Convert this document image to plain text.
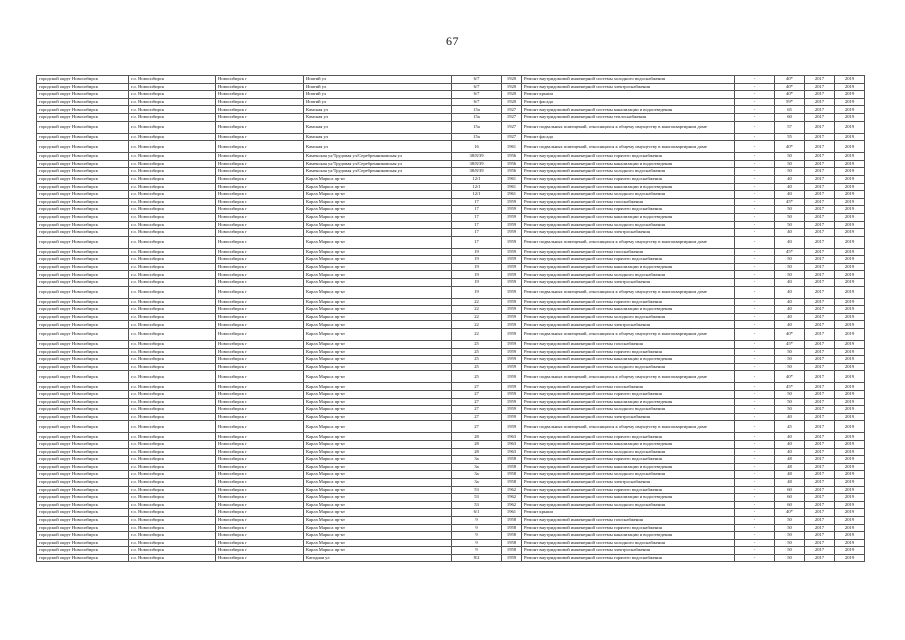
67
городской округ Новосибирск	г.о. Новосибирск	Новосибирск г	Ипатий ул	6/7	1920	Ремонт внутридомовой инженерной системы холодного водоснабжения	-	40*	2017	2019
городской округ Новосибирск	г.о. Новосибирск	Новосибирск г	Ипатий ул	6/7	1920	Ремонт внутридомовой инженерной системы электроснабжения	-	40*	2017	2019
городской округ Новосибирск	г.о. Новосибирск	Новосибирск г	Ипатий ул	6/7	1920	Ремонт крыши	-	40*	2017	2019
городской округ Новосибирск	г.о. Новосибирск	Новосибирск г	Ипатий ул	6/7	1920	Ремонт фасада	-	59*	2017	2019
городской округ Новосибирск	г.о. Новосибирск	Новосибирск г	Камская ул	15а	1927	Ремонт внутридомовой инженерной системы канализации и водоотведения	-	65	2017	2019
городской округ Новосибирск	г.о. Новосибирск	Новосибирск г	Камская ул	15а	1927	Ремонт внутридомовой инженерной системы теплоснабжения	-	60	2017	2019
городской округ Новосибирск	г.о. Новосибирск	Новосибирск г	Камская ул	15а	1927	Ремонт подвальных помещений, относящихся к общему имуществу в многоквартирном доме	-	57	2017	2019
городской округ Новосибирск	г.о. Новосибирск	Новосибирск г	Камская ул	15а	1927	Ремонт фасада	-	55	2017	2019
городской округ Новосибирск	г.о. Новосибирск	Новосибирск г	Камская ул	16	1961	Ремонт подвальных помещений, относящихся к общему имуществу в многоквартирном доме	-	40*	2017	2019
городской округ Новосибирск	г.о. Новосибирск	Новосибирск г	Каменская ул/Трудовая ул/Серебренниковская ул	38/8/39	1956	Ремонт внутридомовой инженерной системы горячего водоснабжения	-	50	2017	2019
городской округ Новосибирск	г.о. Новосибирск	Новосибирск г	Каменская ул/Трудовая ул/Серебренниковская ул	38/8/39	1956	Ремонт внутридомовой инженерной системы канализации и водоотведения	-	50	2017	2019
городской округ Новосибирск	г.о. Новосибирск	Новосибирск г	Каменская ул/Трудовая ул/Серебренниковская ул	38/8/39	1956	Ремонт внутридомовой инженерной системы холодного водоснабжения	-	50	2017	2019
городской округ Новосибирск	г.о. Новосибирск	Новосибирск г	Карла Маркса пр-кт	12/1	1961	Ремонт внутридомовой инженерной системы горячего водоснабжения	-	40	2017	2019
городской округ Новосибирск	г.о. Новосибирск	Новосибирск г	Карла Маркса пр-кт	12/1	1961	Ремонт внутридомовой инженерной системы канализации и водоотведения	-	40	2017	2019
городской округ Новосибирск	г.о. Новосибирск	Новосибирск г	Карла Маркса пр-кт	12/1	1961	Ремонт внутридомовой инженерной системы холодного водоснабжения	-	40	2017	2019
городской округ Новосибирск	г.о. Новосибирск	Новосибирск г	Карла Маркса пр-кт	17	1959	Ремонт внутридомовой инженерной системы газоснабжения	-	45*	2017	2019
городской округ Новосибирск	г.о. Новосибирск	Новосибирск г	Карла Маркса пр-кт	17	1959	Ремонт внутридомовой инженерной системы горячего водоснабжения	-	50	2017	2019
городской округ Новосибирск	г.о. Новосибирск	Новосибирск г	Карла Маркса пр-кт	17	1959	Ремонт внутридомовой инженерной системы канализации и водоотведения	-	50	2017	2019
городской округ Новосибирск	г.о. Новосибирск	Новосибирск г	Карла Маркса пр-кт	17	1959	Ремонт внутридомовой инженерной системы холодного водоснабжения	-	50	2017	2019
городской округ Новосибирск	г.о. Новосибирск	Новосибирск г	Карла Маркса пр-кт	17	1959	Ремонт внутридомовой инженерной системы электроснабжения	-	40	2017	2019
городской округ Новосибирск	г.о. Новосибирск	Новосибирск г	Карла Маркса пр-кт	17	1959	Ремонт подвальных помещений, относящихся к общему имуществу в многоквартирном доме	-	40	2017	2019
городской округ Новосибирск	г.о. Новосибирск	Новосибирск г	Карла Маркса пр-кт	19	1959	Ремонт внутридомовой инженерной системы газоснабжения	-	45*	2017	2019
городской округ Новосибирск	г.о. Новосибирск	Новосибирск г	Карла Маркса пр-кт	19	1959	Ремонт внутридомовой инженерной системы горячего водоснабжения	-	50	2017	2019
городской округ Новосибирск	г.о. Новосибирск	Новосибирск г	Карла Маркса пр-кт	19	1959	Ремонт внутридомовой инженерной системы канализации и водоотведения	-	50	2017	2019
городской округ Новосибирск	г.о. Новосибирск	Новосибирск г	Карла Маркса пр-кт	19	1959	Ремонт внутридомовой инженерной системы холодного водоснабжения	-	50	2017	2019
городской округ Новосибирск	г.о. Новосибирск	Новосибирск г	Карла Маркса пр-кт	19	1959	Ремонт внутридомовой инженерной системы электроснабжения	-	40	2017	2019
городской округ Новосибирск	г.о. Новосибирск	Новосибирск г	Карла Маркса пр-кт	19	1959	Ремонт подвальных помещений, относящихся к общему имуществу в многоквартирном доме	-	40	2017	2019
городской округ Новосибирск	г.о. Новосибирск	Новосибирск г	Карла Маркса пр-кт	22	1959	Ремонт внутридомовой инженерной системы горячего водоснабжения	-	40	2017	2019
городской округ Новосибирск	г.о. Новосибирск	Новосибирск г	Карла Маркса пр-кт	22	1959	Ремонт внутридомовой инженерной системы канализации и водоотведения	-	40	2017	2019
городской округ Новосибирск	г.о. Новосибирск	Новосибирск г	Карла Маркса пр-кт	22	1959	Ремонт внутридомовой инженерной системы холодного водоснабжения	-	40	2017	2019
городской округ Новосибирск	г.о. Новосибирск	Новосибирск г	Карла Маркса пр-кт	22	1959	Ремонт внутридомовой инженерной системы электроснабжения	-	40	2017	2019
городской округ Новосибирск	г.о. Новосибирск	Новосибирск г	Карла Маркса пр-кт	22	1959	Ремонт подвальных помещений, относящихся к общему имуществу в многоквартирном доме	-	40*	2017	2019
городской округ Новосибирск	г.о. Новосибирск	Новосибирск г	Карла Маркса пр-кт	25	1959	Ремонт внутридомовой инженерной системы газоснабжения	-	45*	2017	2019
городской округ Новосибирск	г.о. Новосибирск	Новосибирск г	Карла Маркса пр-кт	25	1959	Ремонт внутридомовой инженерной системы горячего водоснабжения	-	50	2017	2019
городской округ Новосибирск	г.о. Новосибирск	Новосибирск г	Карла Маркса пр-кт	25	1959	Ремонт внутридомовой инженерной системы канализации и водоотведения	-	50	2017	2019
городской округ Новосибирск	г.о. Новосибирск	Новосибирск г	Карла Маркса пр-кт	25	1959	Ремонт внутридомовой инженерной системы холодного водоснабжения	-	50	2017	2019
городской округ Новосибирск	г.о. Новосибирск	Новосибирск г	Карла Маркса пр-кт	25	1959	Ремонт подвальных помещений, относящихся к общему имуществу в многоквартирном доме	-	40*	2017	2019
городской округ Новосибирск	г.о. Новосибирск	Новосибирск г	Карла Маркса пр-кт	27	1959	Ремонт внутридомовой инженерной системы газоснабжения	-	45*	2017	2019
городской округ Новосибирск	г.о. Новосибирск	Новосибирск г	Карла Маркса пр-кт	27	1959	Ремонт внутридомовой инженерной системы горячего водоснабжения	-	50	2017	2019
городской округ Новосибирск	г.о. Новосибирск	Новосибирск г	Карла Маркса пр-кт	27	1959	Ремонт внутридомовой инженерной системы канализации и водоотведения	-	50	2017	2019
городской округ Новосибирск	г.о. Новосибирск	Новосибирск г	Карла Маркса пр-кт	27	1959	Ремонт внутридомовой инженерной системы холодного водоснабжения	-	50	2017	2019
городской округ Новосибирск	г.о. Новосибирск	Новосибирск г	Карла Маркса пр-кт	27	1959	Ремонт внутридомовой инженерной системы электроснабжения	-	40	2017	2019
городской округ Новосибирск	г.о. Новосибирск	Новосибирск г	Карла Маркса пр-кт	27	1959	Ремонт подвальных помещений, относящихся к общему имуществу в многоквартирном доме	-	45	2017	2019
городской округ Новосибирск	г.о. Новосибирск	Новосибирск г	Карла Маркса пр-кт	28	1963	Ремонт внутридомовой инженерной системы горячего водоснабжения	-	40	2017	2019
городской округ Новосибирск	г.о. Новосибирск	Новосибирск г	Карла Маркса пр-кт	28	1963	Ремонт внутридомовой инженерной системы канализации и водоотведения	-	40	2017	2019
городской округ Новосибирск	г.о. Новосибирск	Новосибирск г	Карла Маркса пр-кт	28	1963	Ремонт внутридомовой инженерной системы холодного водоснабжения	-	40	2017	2019
городской округ Новосибирск	г.о. Новосибирск	Новосибирск г	Карла Маркса пр-кт	3а	1958	Ремонт внутридомовой инженерной системы горячего водоснабжения	-	48	2017	2019
городской округ Новосибирск	г.о. Новосибирск	Новосибирск г	Карла Маркса пр-кт	3а	1958	Ремонт внутридомовой инженерной системы канализации и водоотведения	-	48	2017	2019
городской округ Новосибирск	г.о. Новосибирск	Новосибирск г	Карла Маркса пр-кт	3а	1958	Ремонт внутридомовой инженерной системы холодного водоснабжения	-	48	2017	2019
городской округ Новосибирск	г.о. Новосибирск	Новосибирск г	Карла Маркса пр-кт	3а	1958	Ремонт внутридомовой инженерной системы электроснабжения	-	48	2017	2019
городской округ Новосибирск	г.о. Новосибирск	Новосибирск г	Карла Маркса пр-кт	53	1962	Ремонт внутридомовой инженерной системы горячего водоснабжения	-	60	2017	2019
городской округ Новосибирск	г.о. Новосибирск	Новосибирск г	Карла Маркса пр-кт	53	1962	Ремонт внутридомовой инженерной системы канализации и водоотведения	-	60	2017	2019
городской округ Новосибирск	г.о. Новосибирск	Новосибирск г	Карла Маркса пр-кт	53	1962	Ремонт внутридомовой инженерной системы холодного водоснабжения	-	60	2017	2019
городской округ Новосибирск	г.о. Новосибирск	Новосибирск г	Карла Маркса пр-кт	6/1	1961	Ремонт крыши	-	40*	2017	2019
городской округ Новосибирск	г.о. Новосибирск	Новосибирск г	Карла Маркса пр-кт	9	1958	Ремонт внутридомовой инженерной системы газоснабжения	-	50	2017	2019
городской округ Новосибирск	г.о. Новосибирск	Новосибирск г	Карла Маркса пр-кт	9	1958	Ремонт внутридомовой инженерной системы горячего водоснабжения	-	50	2017	2019
городской округ Новосибирск	г.о. Новосибирск	Новосибирск г	Карла Маркса пр-кт	9	1958	Ремонт внутридомовой инженерной системы канализации и водоотведения	-	50	2017	2019
городской округ Новосибирск	г.о. Новосибирск	Новосибирск г	Карла Маркса пр-кт	9	1958	Ремонт внутридомовой инженерной системы холодного водоснабжения	-	50	2017	2019
городской округ Новосибирск	г.о. Новосибирск	Новосибирск г	Карла Маркса пр-кт	9	1958	Ремонт внутридомовой инженерной системы электроснабжения	-	50	2017	2019
городской округ Новосибирск	г.о. Новосибирск	Новосибирск г	Катодная ул	8/2	1959	Ремонт внутридомовой инженерной системы горячего водоснабжения	-	50	2017	2019
